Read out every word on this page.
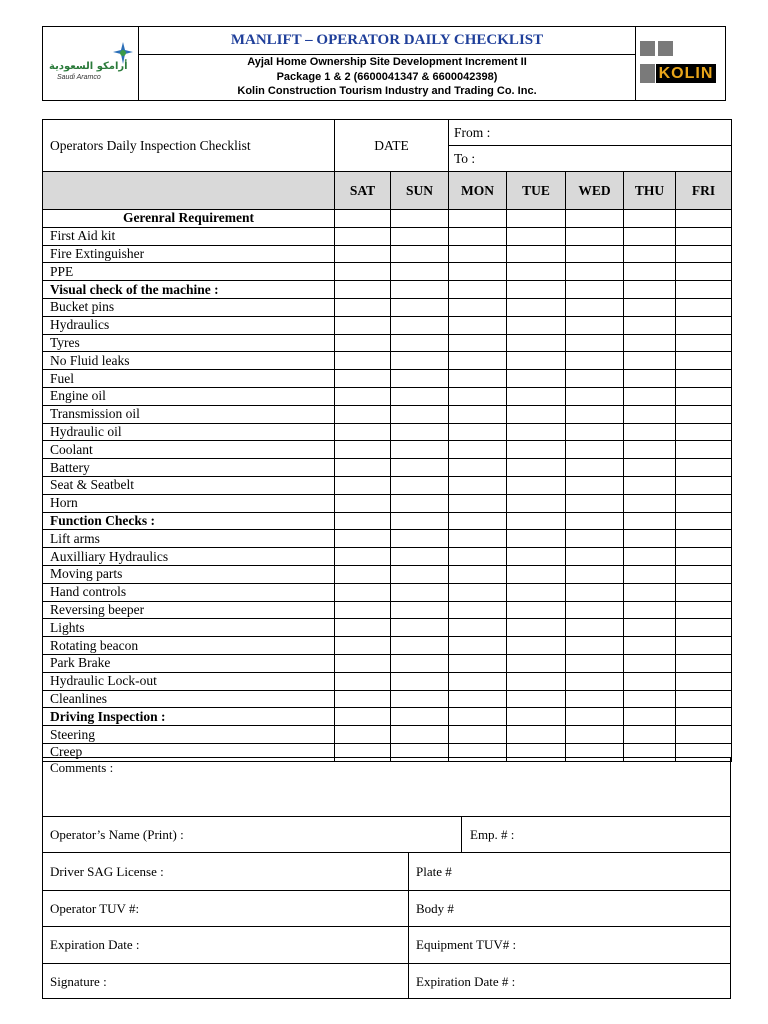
أرامكو السعودية
Saudi Aramco
MANLIFT – OPERATOR DAILY CHECKLIST
Ayjal Home Ownership Site Development Increment II
Package 1 & 2 (6600041347 & 6600042398)
Kolin Construction Tourism Industry and Trading Co. Inc.
KOLIN
Operators Daily Inspection Checklist	DATE		From :
To :				

	SAT	SUN	MON	TUE	WED	THU	FRI
Gerenral Requirement							
First Aid kit							
Fire Extinguisher							
PPE							
Visual check of the machine :							
Bucket pins							
Hydraulics							
Tyres							
No Fluid leaks							
Fuel							
Engine oil							
Transmission oil							
Hydraulic oil							
Coolant							
Battery							
Seat & Seatbelt							
Horn							
Function Checks :							
Lift arms							
Auxilliary Hydraulics							
Moving parts							
Hand controls							
Reversing beeper							
Lights							
Rotating beacon							
Park Brake							
Hydraulic Lock-out							
Cleanlines							
Driving Inspection :							
Steering							
Creep							
Comments :
Operator’s Name (Print) :	Emp. # :
Driver SAG License :	Plate #
Operator TUV #:	Body #
Expiration Date :	Equipment TUV# :
Signature :	Expiration Date # :
